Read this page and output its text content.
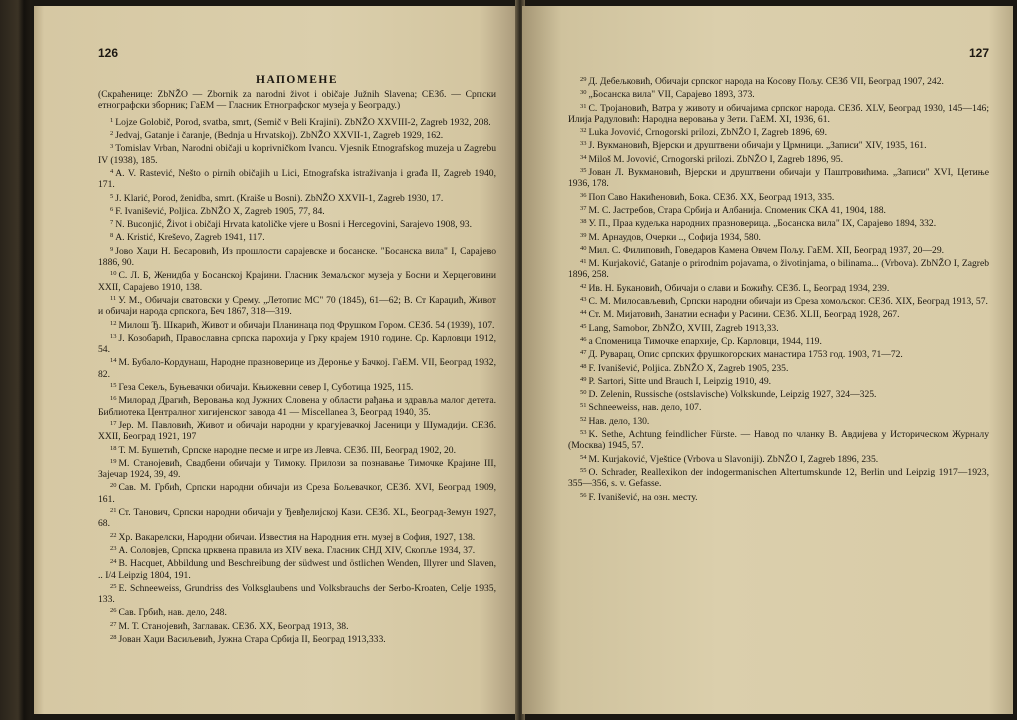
126
НАПОМЕНЕ

(Скраћенице: ZbNŽO — Zbornik za narodni život i običaje Južnih Slavena; СЕЗб. — Српски етнографски зборник; ГаЕМ — Гласник Етнографског музеја у Београду.)

$^1$ Lojze Golobič, Porod, svatba, smrt, (Semič v Beli Krajini). ZbNŽO XXVIII-2, Zagreb 1932, 208.

$^2$ Jedvaj, Gatanje i čaranje, (Bednja u Hrvatskoj). ZbNŽO XXVII-1, Zagreb 1929, 162.

$^3$ Tomislav Vrban, Narodni običaji u koprivničkom Ivancu. Vjesnik Etnografskog muzeja u Zagrebu IV (1938), 185.

$^4$ A. V. Rastević, Nešto o pirnih običajih u Lici, Etnografska istraživanja i građa II, Zagreb 1940, 171.

$^5$ J. Klarić, Porod, ženidba, smrt. (Kraiše u Bosni). ZbNŽO XXVII-1, Zagreb 1930, 17.

$^6$ F. Ivanišević, Poljica. ZbNŽO X, Zagreb 1905, 77, 84.

$^7$ N. Buconjić, Život i običaji Hrvata katoličke vjere u Bosni i Hercegovini, Sarajevo 1908, 93.

$^8$ A. Kristić, Kreševo, Zagreb 1941, 117.

$^9$ Јово Хаџи Н. Бесаровић, Из прошлости сарајевске и босанске. "Босанска вила" I, Сарајево 1886, 90.

$^{10}$ С. Л. Б, Женидба у Босанској Крајини. Гласник Земаљског музеја у Босни и Херцеговини XXII, Сарајево 1910, 138.

$^{11}$ У. М., Обичаји сватовски у Срему. „Летопис МС" 70 (1845), 61—62; В. Ст Караџић, Живот и обичаји народа српскога, Беч 1867, 318—319.

$^{12}$ Милош Ђ. Шкарић, Живот и обичаји Планинаца под Фрушком Гором. СЕЗб. 54 (1939), 107.

$^{13}$ Ј. Козобарић, Православна српска парохија у Грку крајем 1910 године. Ср. Карловци 1912, 54.

$^{14}$ М. Бубало-Кордунаш, Народне празноверице из Деронье у Бачкој. ГаЕМ. VII, Београд 1932, 82.

$^{15}$ Геза Секељ, Буњевачки обичаји. Књижевни север I, Суботица 1925, 115.

$^{16}$ Милорад Драгић, Веровања код Јужних Словена у области рађања и здравља малог детета. Библиотека Централног хигијенског завода 41 — Miscellanea 3, Београд 1940, 35.

$^{17}$ Јер. М. Павловић, Живот и обичаји народни у крагујевачкој Јасеници у Шумадији. СЕЗб. XXII, Београд 1921, 197

$^{18}$ Т. М. Бушетић, Српске народне песме и игре из Левча. СЕЗб. III, Београд 1902, 20.

$^{19}$ М. Станојевић, Свадбени обичаји у Тимоку. Прилози за познавање Тимочке Крајине III, Зајечар 1924, 39, 49.

$^{20}$ Сав. М. Грбић, Српски народни обичаји из Среза Бољевачког, СЕЗб. XVI, Београд 1909, 161.

$^{21}$ Ст. Танович, Српски народни обичаји у Ђевђелијској Кази. СЕЗб. XL, Београд-Земун 1927, 68.

$^{22}$ Хр. Вакарелски, Народни обичаи. Известия на Народния етн. музеј в София, 1927, 138.

$^{23}$ А. Соловјев, Српска црквена правила из XIV века. Гласник СНД XIV, Скопље 1934, 37.

$^{24}$ B. Hacquet, Abbildung und Beschreibung der südwest und östlichen Wenden, Illyrer und Slaven, .. I/4 Leipzig 1804, 191.

$^{25}$ E. Schneeweiss, Grundriss des Volksglaubens und Volksbrauchs der Serbo-Kroaten, Celje 1935, 133.

$^{26}$ Сав. Грбић, нав. дело, 248.

$^{27}$ М. Т. Станојевић, Заглавак. СЕЗб. XX, Београд 1913, 38.

$^{28}$ Јован Хаџи Васиљевић, Јужна Стара Србија II, Београд 1913,333.

127

$^{29}$ Д. Дебељковић, Обичаји српског народа на Косову Пољу. СЕЗб VII, Београд 1907, 242.

$^{30}$ „Босанска вила" VII, Сарајево 1893, 373.

$^{31}$ С. Тројановић, Ватра у животу и обичајима српског народа. СЕЗб. XLV, Београд 1930, 145—146; Илија Радуловић: Народна веровања у Зети. ГаЕМ. XI, 1936, 61.

$^{32}$ Luka Jovović, Crnogorski prilozi, ZbNŽO I, Zagreb 1896, 69.

$^{33}$ Ј. Вукмановић, Вјерски и друштвени обичаји у Црмници. „Записи" XIV, 1935, 161.

$^{34}$ Miloš M. Jovović, Crnogorski prilozi. ZbNŽO I, Zagreb 1896, 95.

$^{35}$ Јован Л. Вукмановић, Вјерски и друштвени обичаји у Паштровићима. „Записи" XVI, Цетиње 1936, 178.

$^{36}$ Поп Саво Накићеновић, Бока. СЕЗб. XX, Београд 1913, 335.

$^{37}$ М. С. Јастребов, Стара Србија и Албанија. Споменик СКА 41, 1904, 188.

$^{38}$ У. П., Праа кудељка народних празноверица. „Босанска вила" IX, Сарајево 1894, 332.

$^{39}$ М. Арнаудов, Очерки .., Софија 1934, 580.

$^{40}$ Мил. С. Филиповић, Говедаров Камена Овчем Пољу. ГаЕМ. XII, Београд 1937, 20—29.

$^{41}$ M. Kurjaković, Gatanje o prirodnim pojavama, o životinjama, o bilinama... (Vrbova). ZbNŽO I, Zagreb 1896, 258.

$^{42}$ Ив. Н. Букановић, Обичаји о слави и Божићу. СЕЗб. L, Београд 1934, 239.

$^{43}$ С. М. Милосављевић, Српски народни обичаји из Среза хомољског. СЕЗб. XIX, Београд 1913, 57.

$^{44}$ Ст. М. Мијатовић, Занатии еснафи у Расини. СЕЗб. XLII, Београд 1928, 267.

$^{45}$ Lang, Samobor, ZbNŽO, XVIII, Zagreb 1913,33.

$^{46}$ а Споменица Тимочке епархије, Ср. Карловци, 1944, 119.

$^{47}$ Д. Руварац, Опис српских фрушкогорских манастира 1753 год. 1903, 71—72.

$^{48}$ F. Ivanišević, Poljica. ZbNŽO X, Zagreb 1905, 235.

$^{49}$ P. Sartori, Sitte und Brauch I, Leipzig 1910, 49.

$^{50}$ D. Zelenin, Russische (ostslavische) Volkskunde, Leipzig 1927, 324—325.

$^{51}$ Schneeweiss, нав. дело, 107.

$^{52}$ Нав. дело, 130.

$^{53}$ K. Sethe, Achtung feindlicher Fürste. — Навод по чланку В. Авдијева у Историческом Журналу (Москва) 1945, 57.

$^{54}$ M. Kurjaković, Vještice (Vrbova u Slavoniji). ZbNŽO I, Zagreb 1896, 235.

$^{55}$ O. Schrader, Reallexikon der indogermanischen Altertumskunde 12, Berlin und Leipzig 1917—1923, 355—356, s. v. Gefasse.

$^{56}$ F. Ivanišević, на озн. месту.
